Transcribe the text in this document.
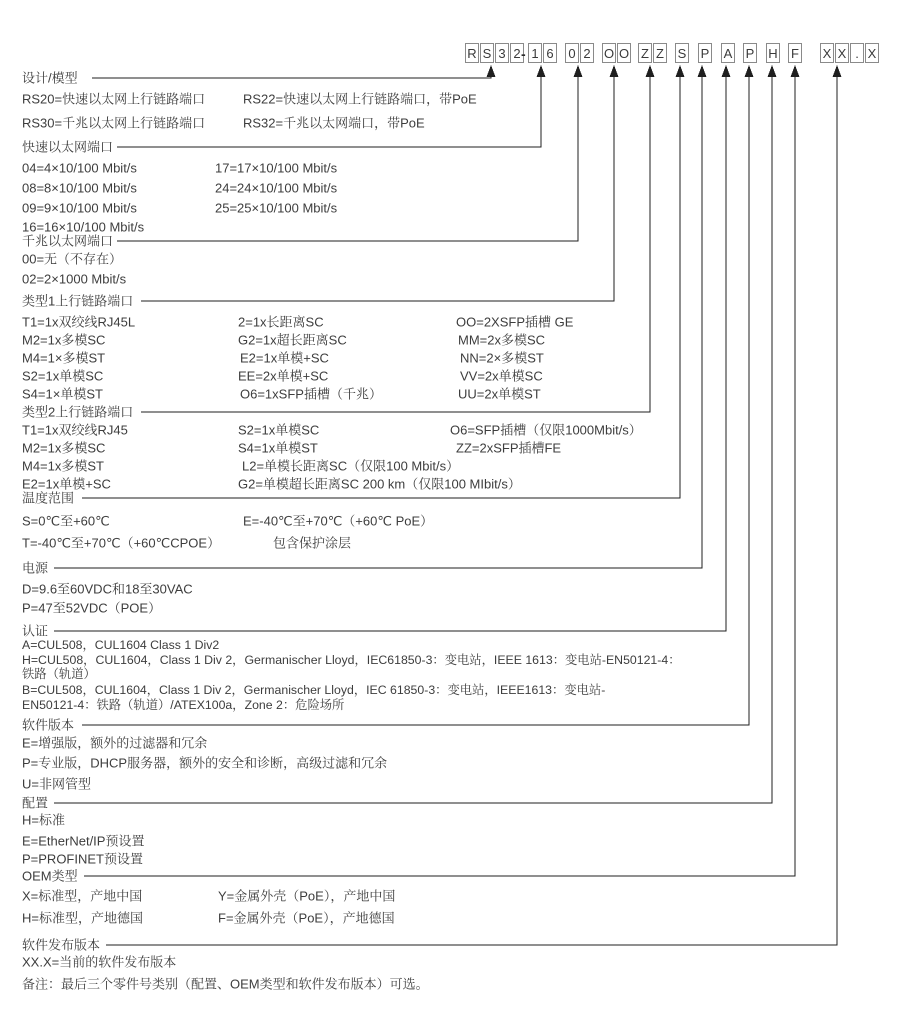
R S 3 2 1 6 0 2 O O Z Z S P A P H F X X . X
-
设计/模型
RS20=快速以太网上行链路端口	RS22=快速以太网上行链路端口，带PoE
RS30=千兆以太网上行链路端口	RS32=千兆以太网端口，带PoE
快速以太网端口
04=4×10/100 Mbit/s	17=17×10/100 Mbit/s
08=8×10/100 Mbit/s	24=24×10/100 Mbit/s
09=9×10/100 Mbit/s	25=25×10/100 Mbit/s
16=16×10/100 Mbit/s
千兆以太网端口
00=无（不存在）
02=2×1000 Mbit/s
类型1上行链路端口
T1=1x双绞线RJ45L	2=1x长距离SC	OO=2XSFP插槽 GE
M2=1x多模SC	G2=1x超长距离SC	MM=2x多模SC
M4=1×多模ST	E2=1x单模+SC	NN=2×多模ST
S2=1x单模SC	EE=2x单模+SC	VV=2x单模SC
S4=1×单模ST	O6=1xSFP插槽（千兆）	UU=2x单模ST
类型2上行链路端口
T1=1x双绞线RJ45	S2=1x单模SC	O6=SFP插槽（仅限1000Mbit/s）
M2=1x多模SC	S4=1x单模ST	ZZ=2xSFP插槽FE
M4=1x多模ST	L2=单模长距离SC（仅限100 Mbit/s）
E2=1x单模+SC	G2=单模超长距离SC 200 km（仅限100 MIbit/s）
温度范围
S=0℃至+60℃	E=-40℃至+70℃（+60℃ PoE）
T=-40℃至+70℃（+60℃CPOE）	包含保护涂层
电源
D=9.6至60VDC和18至30VAC
P=47至52VDC（POE）
认证
A=CUL508，CUL1604 Class 1 Div2
H=CUL508，CUL1604，Class 1 Div 2，Germanischer Lloyd，IEC61850-3：变电站，IEEE 1613：变电站-EN50121-4：
铁路（轨道）
B=CUL508，CUL1604，Class 1 Div 2，Germanischer Lloyd，IEC 61850-3：变电站，IEEE1613：变电站-
EN50121-4：铁路（轨道）/ATEX100a，Zone 2：危险场所
软件版本
E=增强版，额外的过滤器和冗余
P=专业版，DHCP服务器，额外的安全和诊断，高级过滤和冗余
U=非网管型
配置
H=标准
E=EtherNet/IP预设置
P=PROFINET预设置
OEM类型
X=标准型，产地中国	Y=金属外壳（PoE），产地中国
H=标准型，产地德国	F=金属外壳（PoE），产地德国
软件发布版本
XX.X=当前的软件发布版本
备注：最后三个零件号类别（配置、OEM类型和软件发布版本）可选。
